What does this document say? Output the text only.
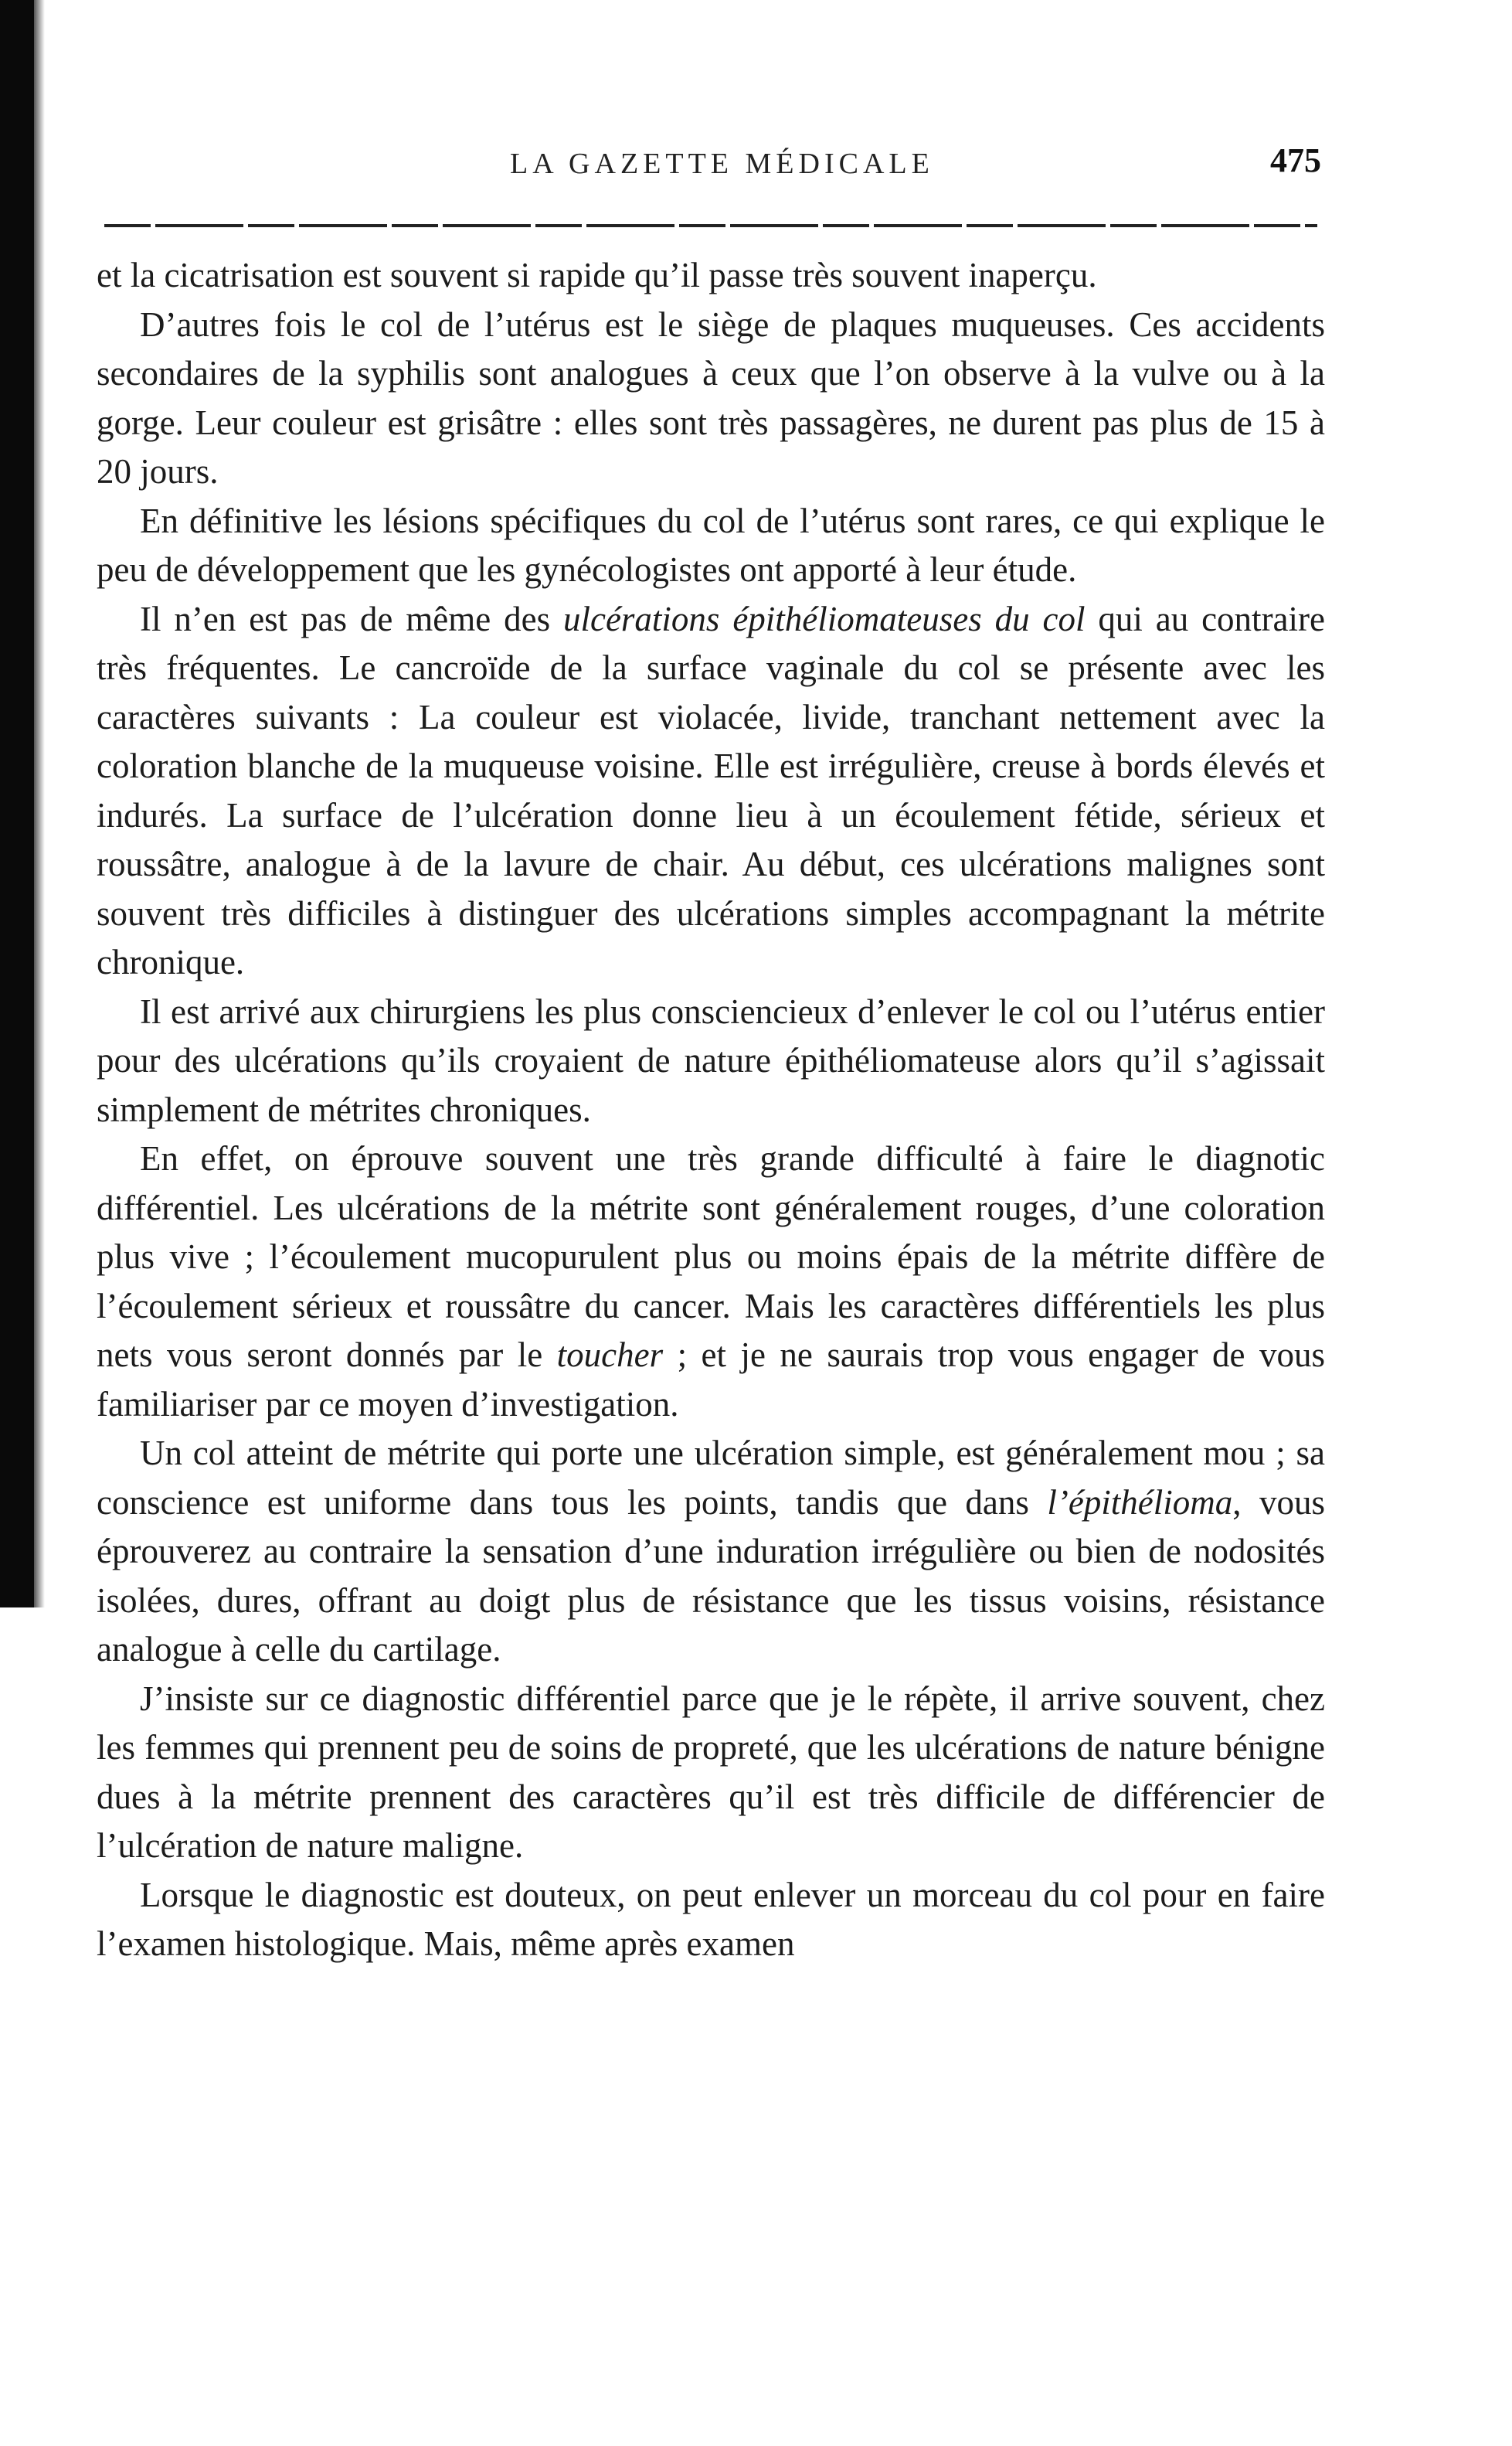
LA GAZETTE MÉDICALE	475

et la cicatrisation est souvent si rapide qu’il passe très souvent inaperçu.

D’autres fois le col de l’utérus est le siège de plaques muqueuses. Ces accidents secondaires de la syphilis sont analogues à ceux que l’on observe à la vulve ou à la gorge. Leur couleur est grisâtre : elles sont très passagères, ne durent pas plus de 15 à 20 jours.

En définitive les lésions spécifiques du col de l’utérus sont rares, ce qui explique le peu de développement que les gynécologistes ont apporté à leur étude.

Il n’en est pas de même des ulcérations épithéliomateuses du col qui au contraire très fréquentes. Le cancroïde de la surface vaginale du col se présente avec les caractères suivants : La couleur est violacée, livide, tranchant nettement avec la coloration blanche de la muqueuse voisine. Elle est irrégulière, creuse à bords élevés et indurés. La surface de l’ulcération donne lieu à un écoulement fétide, sérieux et roussâtre, analogue à de la lavure de chair. Au début, ces ulcérations malignes sont souvent très difficiles à distinguer des ulcérations simples accompagnant la métrite chronique.

Il est arrivé aux chirurgiens les plus consciencieux d’enlever le col ou l’utérus entier pour des ulcérations qu’ils croyaient de nature épithéliomateuse alors qu’il s’agissait simplement de métrites chroniques.

En effet, on éprouve souvent une très grande difficulté à faire le diagnotic différentiel. Les ulcérations de la métrite sont généralement rouges, d’une coloration plus vive ; l’écoulement mucopurulent plus ou moins épais de la métrite diffère de l’écoulement sérieux et roussâtre du cancer. Mais les caractères différentiels les plus nets vous seront donnés par le toucher ; et je ne saurais trop vous engager de vous familiariser par ce moyen d’investigation.

Un col atteint de métrite qui porte une ulcération simple, est généralement mou ; sa conscience est uniforme dans tous les points, tandis que dans l’épithélioma, vous éprouverez au contraire la sensation d’une induration irrégulière ou bien de nodosités isolées, dures, offrant au doigt plus de résistance que les tissus voisins, résistance analogue à celle du cartilage.

J’insiste sur ce diagnostic différentiel parce que je le répète, il arrive souvent, chez les femmes qui prennent peu de soins de propreté, que les ulcérations de nature bénigne dues à la métrite prennent des caractères qu’il est très difficile de différencier de l’ulcération de nature maligne.

Lorsque le diagnostic est douteux, on peut enlever un morceau du col pour en faire l’examen histologique. Mais, même après examen
